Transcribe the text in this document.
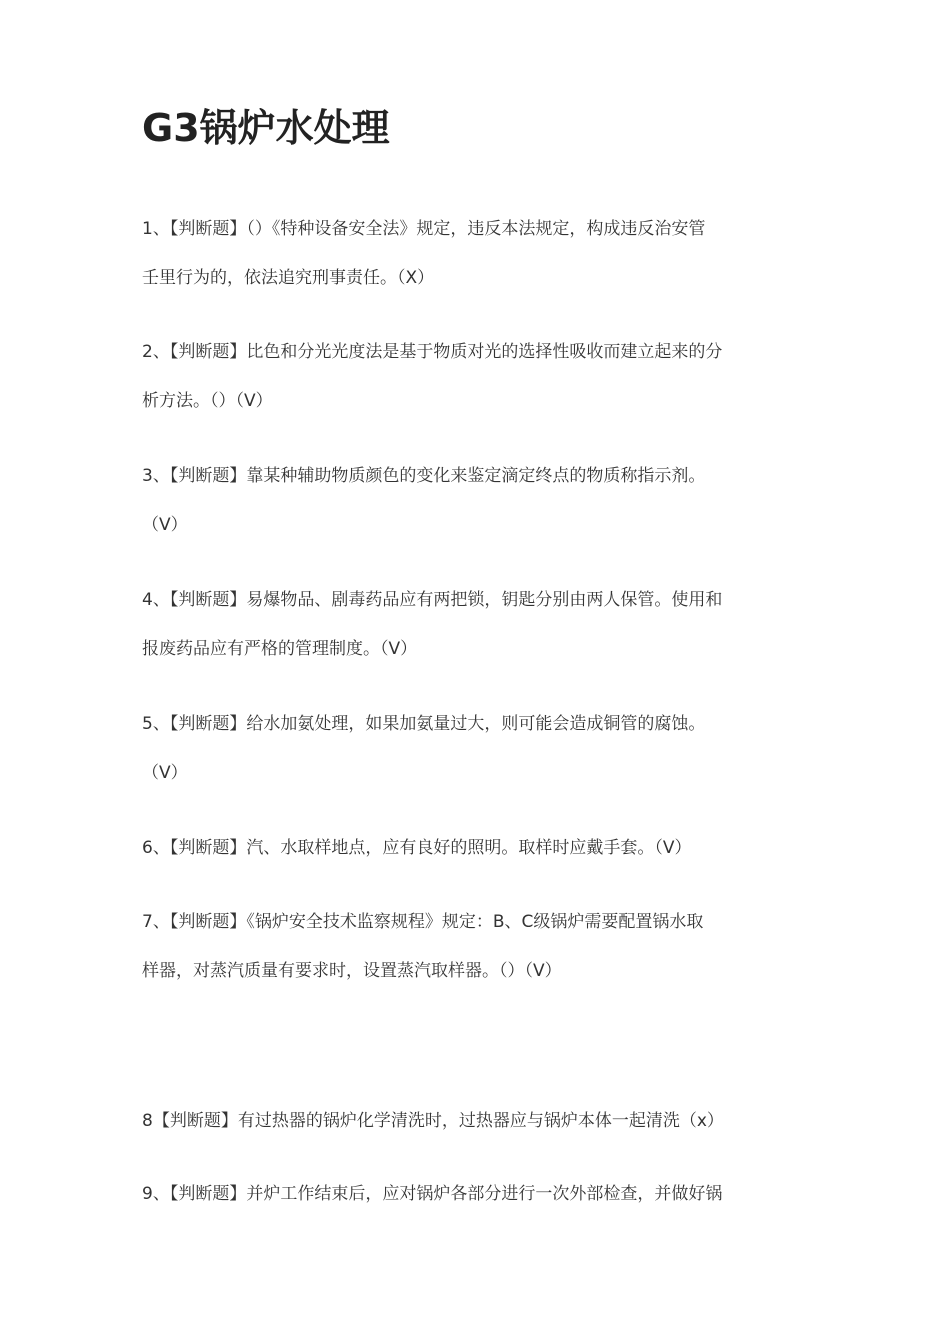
G3锅炉水处理
1、【判断题】（）《特种设备安全法》规定，违反本法规定，构成违反治安管
壬里行为的，依法追究刑事责任。（X）
2、【判断题】比色和分光光度法是基于物质对光的选择性吸收而建立起来的分
析方法。（）（V）
3、【判断题】靠某种辅助物质颜色的变化来鉴定滴定终点的物质称指示剂。
（V）
4、【判断题】易爆物品、剧毒药品应有两把锁，钥匙分别由两人保管。使用和
报废药品应有严格的管理制度。（V）
5、【判断题】给水加氨处理，如果加氨量过大，则可能会造成铜管的腐蚀。
（V）
6、【判断题】汽、水取样地点，应有良好的照明。取样时应戴手套。（V）
7、【判断题】《锅炉安全技术监察规程》规定：B、C级锅炉需要配置锅水取
样器，对蒸汽质量有要求时，设置蒸汽取样器。（）（V）
8【判断题】有过热器的锅炉化学清洗时，过热器应与锅炉本体一起清洗（x）
9、【判断题】并炉工作结束后，应对锅炉各部分进行一次外部检查，并做好锅
